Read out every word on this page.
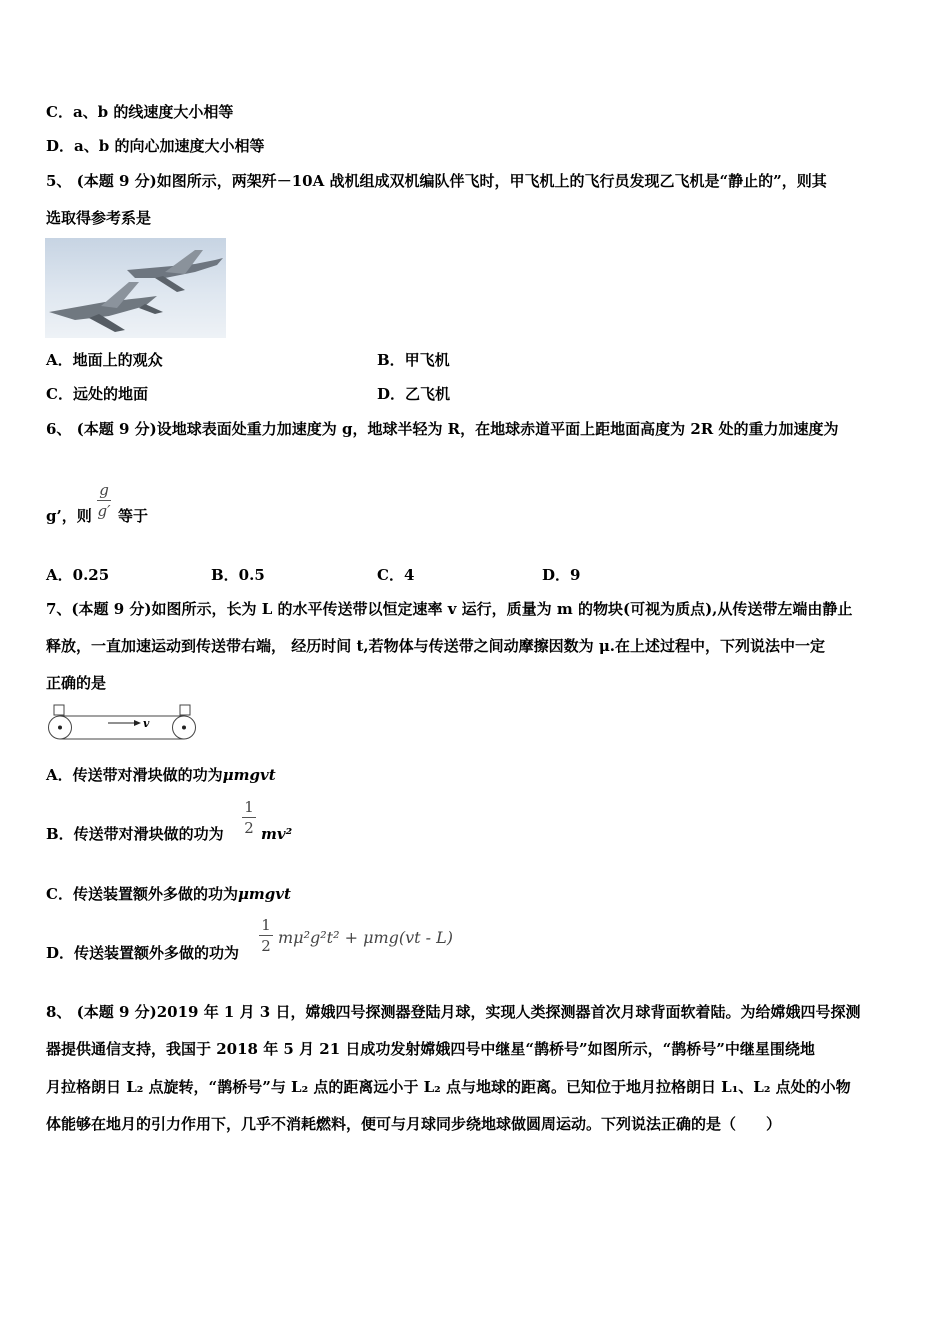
C．a、b 的线速度大小相等
D．a、b 的向心加速度大小相等
5、 (本题 9 分)如图所示，两架歼－10A 战机组成双机编队伴飞时，甲飞机上的飞行员发现乙飞机是“静止的”，则其
选取得参考系是
A．地面上的观众	B．甲飞机
C．远处的地面	D．乙飞机
6、 (本题 9 分)设地球表面处重力加速度为 g，地球半轻为 R，在地球赤道平面上距地面高度为 2R 处的重力加速度为
g’，则
g
g′ 等于
A．0.25	B．0.5	C．4	D．9
7、(本题 9 分)如图所示，长为 L 的水平传送带以恒定速率 v 运行，质量为 m 的物块(可视为质点),从传送带左端由静止
释放，一直加速运动到传送带右端， 经历时间 t,若物体与传送带之间动摩擦因数为 μ.在上述过程中，下列说法中一定
正确的是
v
A．传送带对滑块做的功为μmgvt
B．传送带对滑块做的功为
1
2 mv²
C．传送装置额外多做的功为μmgvt
D．传送装置额外多做的功为
1
2 mμ²g²t² + μmg(vt - L)
8、 (本题 9 分)2019 年 1 月 3 日，嫦娥四号探测器登陆月球，实现人类探测器首次月球背面软着陆。为给嫦娥四号探测
器提供通信支持，我国于 2018 年 5 月 21 日成功发射嫦娥四号中继星“鹊桥号”如图所示，“鹊桥号”中继星围绕地
月拉格朗日 L₂ 点旋转，“鹊桥号”与 L₂ 点的距离远小于 L₂ 点与地球的距离。已知位于地月拉格朗日 L₁、L₂ 点处的小物
体能够在地月的引力作用下，几乎不消耗燃料，便可与月球同步绕地球做圆周运动。下列说法正确的是（　　）
